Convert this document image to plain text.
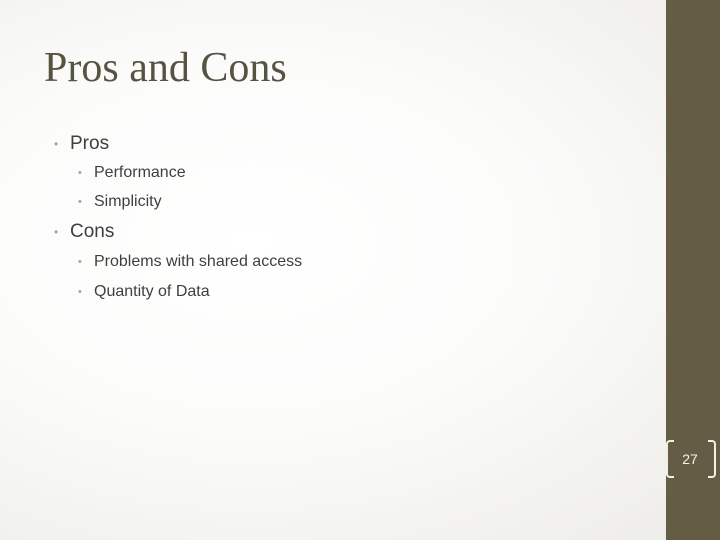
Pros and Cons
• Pros
• Performance
• Simplicity
• Cons
• Problems with shared access
• Quantity of Data
27
